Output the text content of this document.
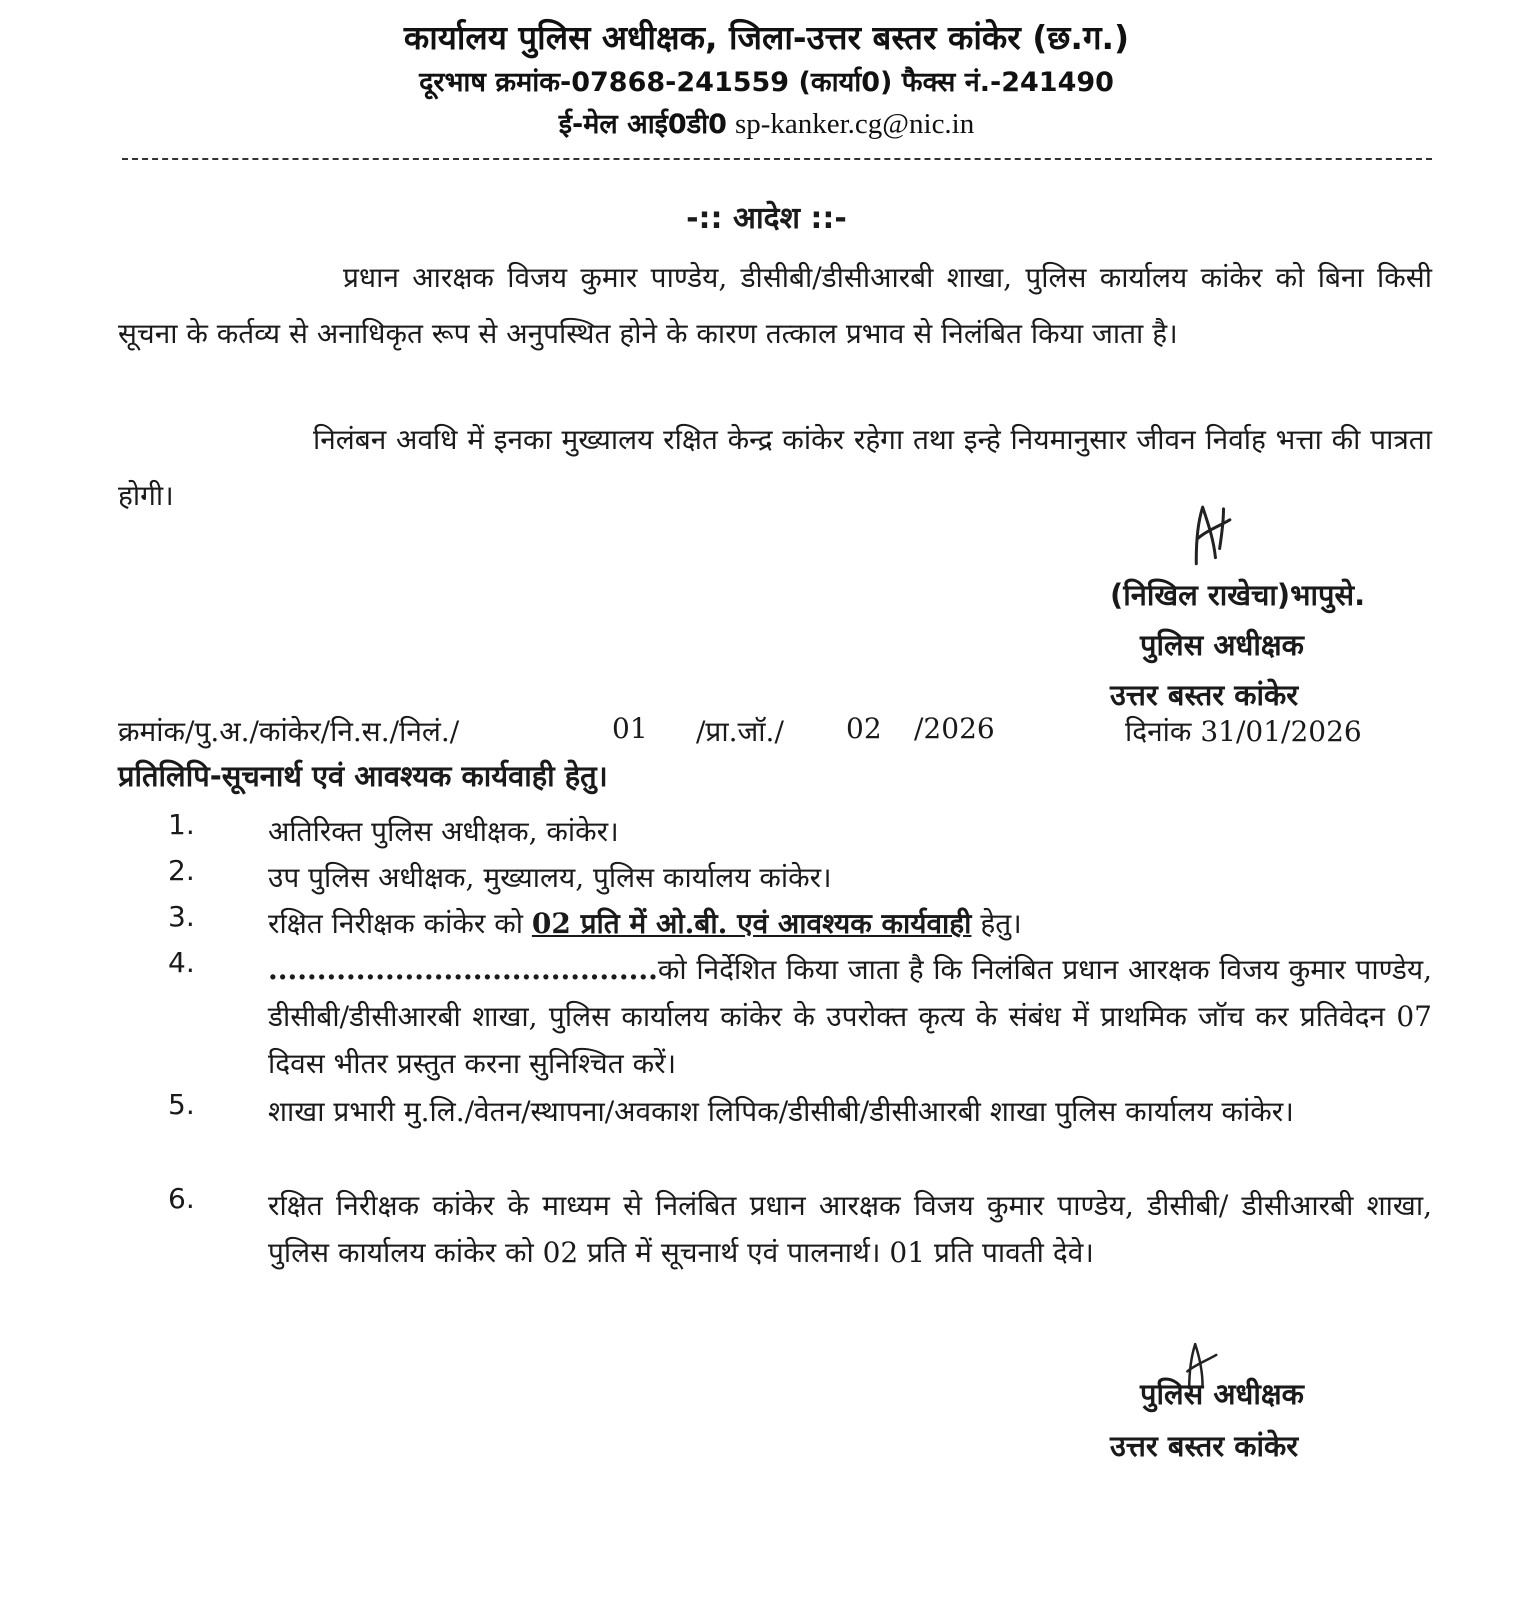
कार्यालय पुलिस अधीक्षक, जिला-उत्तर बस्तर कांकेर (छ.ग.)
दूरभाष क्रमांक-07868-241559 (कार्या0) फैक्स नं.-241490
ई-मेल आई0डी0 sp-kanker.cg@nic.in
-:: आदेश ::-
प्रधान आरक्षक विजय कुमार पाण्डेय, डीसीबी/डीसीआरबी शाखा, पुलिस कार्यालय कांकेर को बिना किसी सूचना के कर्तव्य से अनाधिकृत रूप से अनुपस्थित होने के कारण तत्काल प्रभाव से निलंबित किया जाता है।
निलंबन अवधि में इनका मुख्यालय रक्षित केन्द्र कांकेर रहेगा तथा इन्हे नियमानुसार जीवन निर्वाह भत्ता की पात्रता होगी।
(निखिल राखेचा)भापुसे.
पुलिस अधीक्षक
उत्तर बस्तर कांकेर
क्रमांक/पु.अ./कांकेर/नि.स./निलं./	01 /प्रा.जॉ./ 02 /2026	दिनांक 31/01/2026
प्रतिलिपि-सूचनार्थ एवं आवश्यक कार्यवाही हेतु।
1.	अतिरिक्त पुलिस अधीक्षक, कांकेर।
2.	उप पुलिस अधीक्षक, मुख्यालय, पुलिस कार्यालय कांकेर।
3.	रक्षित निरीक्षक कांकेर को 02 प्रति में ओ.बी. एवं आवश्यक कार्यवाही हेतु।
4.	........................................को निर्देशित किया जाता है कि निलंबित प्रधान आरक्षक विजय कुमार पाण्डेय, डीसीबी/डीसीआरबी शाखा, पुलिस कार्यालय कांकेर के उपरोक्त कृत्य के संबंध में प्राथमिक जॉच कर प्रतिवेदन 07 दिवस भीतर प्रस्तुत करना सुनिश्चित करें।
5.	शाखा प्रभारी मु.लि./वेतन/स्थापना/अवकाश लिपिक/डीसीबी/डीसीआरबी शाखा पुलिस कार्यालय कांकेर।
6.	रक्षित निरीक्षक कांकेर के माध्यम से निलंबित प्रधान आरक्षक विजय कुमार पाण्डेय, डीसीबी/ डीसीआरबी शाखा, पुलिस कार्यालय कांकेर को 02 प्रति में सूचनार्थ एवं पालनार्थ। 01 प्रति पावती देवे।
पुलिस अधीक्षक
उत्तर बस्तर कांकेर
